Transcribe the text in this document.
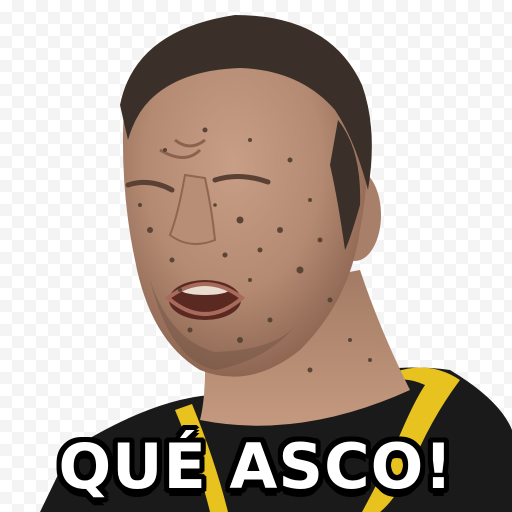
QUÉ ASCO!
